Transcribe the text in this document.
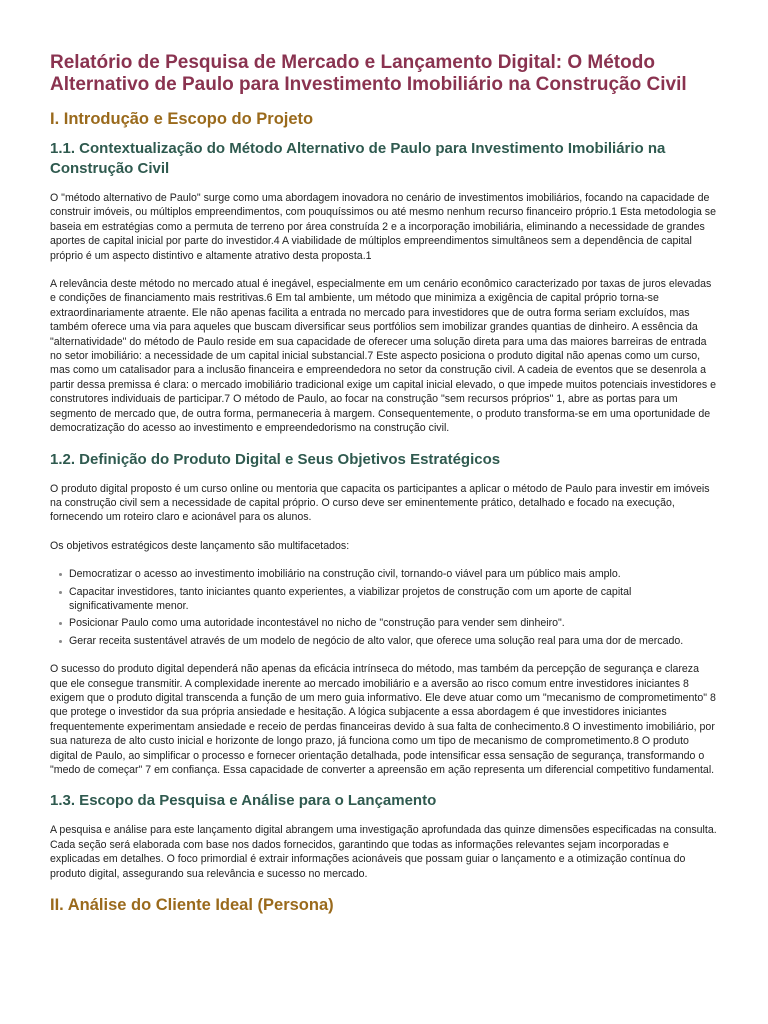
Relatório de Pesquisa de Mercado e Lançamento Digital: O Método Alternativo de Paulo para Investimento Imobiliário na Construção Civil
I. Introdução e Escopo do Projeto
1.1. Contextualização do Método Alternativo de Paulo para Investimento Imobiliário na Construção Civil

O "método alternativo de Paulo" surge como uma abordagem inovadora no cenário de investimentos imobiliários, focando na capacidade de construir imóveis, ou múltiplos empreendimentos, com pouquíssimos ou até mesmo nenhum recurso financeiro próprio.1 Esta metodologia se baseia em estratégias como a permuta de terreno por área construída 2 e a incorporação imobiliária, eliminando a necessidade de grandes aportes de capital inicial por parte do investidor.4 A viabilidade de múltiplos empreendimentos simultâneos sem a dependência de capital próprio é um aspecto distintivo e altamente atrativo desta proposta.1

A relevância deste método no mercado atual é inegável, especialmente em um cenário econômico caracterizado por taxas de juros elevadas e condições de financiamento mais restritivas.6 Em tal ambiente, um método que minimiza a exigência de capital próprio torna-se extraordinariamente atraente. Ele não apenas facilita a entrada no mercado para investidores que de outra forma seriam excluídos, mas também oferece uma via para aqueles que buscam diversificar seus portfólios sem imobilizar grandes quantias de dinheiro. A essência da "alternatividade" do método de Paulo reside em sua capacidade de oferecer uma solução direta para uma das maiores barreiras de entrada no setor imobiliário: a necessidade de um capital inicial substancial.7 Este aspecto posiciona o produto digital não apenas como um curso, mas como um catalisador para a inclusão financeira e empreendedora no setor da construção civil. A cadeia de eventos que se desenrola a partir dessa premissa é clara: o mercado imobiliário tradicional exige um capital inicial elevado, o que impede muitos potenciais investidores e construtores individuais de participar.7 O método de Paulo, ao focar na construção "sem recursos próprios" 1, abre as portas para um segmento de mercado que, de outra forma, permaneceria à margem. Consequentemente, o produto transforma-se em uma oportunidade de democratização do acesso ao investimento e empreendedorismo na construção civil.

1.2. Definição do Produto Digital e Seus Objetivos Estratégicos

O produto digital proposto é um curso online ou mentoria que capacita os participantes a aplicar o método de Paulo para investir em imóveis na construção civil sem a necessidade de capital próprio. O curso deve ser eminentemente prático, detalhado e focado na execução, fornecendo um roteiro claro e acionável para os alunos.

Os objetivos estratégicos deste lançamento são multifacetados:

Democratizar o acesso ao investimento imobiliário na construção civil, tornando-o viável para um público mais amplo.
Capacitar investidores, tanto iniciantes quanto experientes, a viabilizar projetos de construção com um aporte de capital significativamente menor.
Posicionar Paulo como uma autoridade incontestável no nicho de "construção para vender sem dinheiro".
Gerar receita sustentável através de um modelo de negócio de alto valor, que oferece uma solução real para uma dor de mercado.

O sucesso do produto digital dependerá não apenas da eficácia intrínseca do método, mas também da percepção de segurança e clareza que ele consegue transmitir. A complexidade inerente ao mercado imobiliário e a aversão ao risco comum entre investidores iniciantes 8 exigem que o produto digital transcenda a função de um mero guia informativo. Ele deve atuar como um "mecanismo de comprometimento" 8 que protege o investidor da sua própria ansiedade e hesitação. A lógica subjacente a essa abordagem é que investidores iniciantes frequentemente experimentam ansiedade e receio de perdas financeiras devido à sua falta de conhecimento.8 O investimento imobiliário, por sua natureza de alto custo inicial e horizonte de longo prazo, já funciona como um tipo de mecanismo de comprometimento.8 O produto digital de Paulo, ao simplificar o processo e fornecer orientação detalhada, pode intensificar essa sensação de segurança, transformando o "medo de começar" 7 em confiança. Essa capacidade de converter a apreensão em ação representa um diferencial competitivo fundamental.

1.3. Escopo da Pesquisa e Análise para o Lançamento

A pesquisa e análise para este lançamento digital abrangem uma investigação aprofundada das quinze dimensões especificadas na consulta. Cada seção será elaborada com base nos dados fornecidos, garantindo que todas as informações relevantes sejam incorporadas e explicadas em detalhes. O foco primordial é extrair informações acionáveis que possam guiar o lançamento e a otimização contínua do produto digital, assegurando sua relevância e sucesso no mercado.

II. Análise do Cliente Ideal (Persona)
